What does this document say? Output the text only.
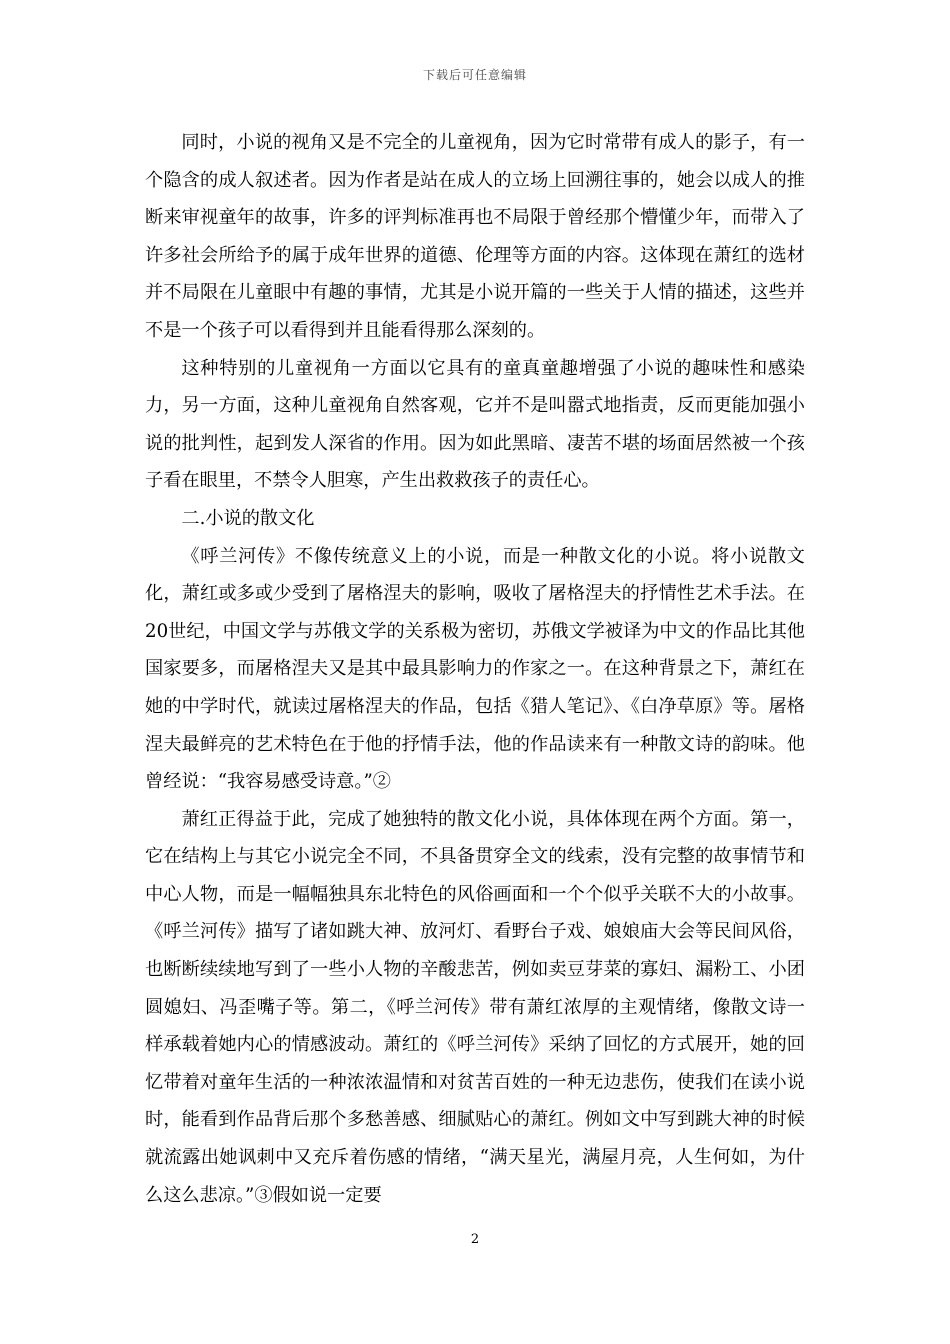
下载后可任意编辑

同时，小说的视角又是不完全的儿童视角，因为它时常带有成人的影子，有一个隐含的成人叙述者。因为作者是站在成人的立场上回溯往事的，她会以成人的推断来审视童年的故事，许多的评判标准再也不局限于曾经那个懵懂少年，而带入了许多社会所给予的属于成年世界的道德、伦理等方面的内容。这体现在萧红的选材并不局限在儿童眼中有趣的事情，尤其是小说开篇的一些关于人情的描述，这些并不是一个孩子可以看得到并且能看得那么深刻的。

这种特别的儿童视角一方面以它具有的童真童趣增强了小说的趣味性和感染力，另一方面，这种儿童视角自然客观，它并不是叫嚣式地指责，反而更能加强小说的批判性，起到发人深省的作用。因为如此黑暗、凄苦不堪的场面居然被一个孩子看在眼里，不禁令人胆寒，产生出救救孩子的责任心。

二.小说的散文化

《呼兰河传》不像传统意义上的小说，而是一种散文化的小说。将小说散文化，萧红或多或少受到了屠格涅夫的影响，吸收了屠格涅夫的抒情性艺术手法。在20世纪，中国文学与苏俄文学的关系极为密切，苏俄文学被译为中文的作品比其他国家要多，而屠格涅夫又是其中最具影响力的作家之一。在这种背景之下，萧红在她的中学时代，就读过屠格涅夫的作品，包括《猎人笔记》、《白净草原》等。屠格涅夫最鲜亮的艺术特色在于他的抒情手法，他的作品读来有一种散文诗的韵味。他曾经说：“我容易感受诗意。”②

萧红正得益于此，完成了她独特的散文化小说，具体体现在两个方面。第一，它在结构上与其它小说完全不同，不具备贯穿全文的线索，没有完整的故事情节和中心人物，而是一幅幅独具东北特色的风俗画面和一个个似乎关联不大的小故事。《呼兰河传》描写了诸如跳大神、放河灯、看野台子戏、娘娘庙大会等民间风俗，也断断续续地写到了一些小人物的辛酸悲苦，例如卖豆芽菜的寡妇、漏粉工、小团圆媳妇、冯歪嘴子等。第二，《呼兰河传》带有萧红浓厚的主观情绪，像散文诗一样承载着她内心的情感波动。萧红的《呼兰河传》采纳了回忆的方式展开，她的回忆带着对童年生活的一种浓浓温情和对贫苦百姓的一种无边悲伤，使我们在读小说时，能看到作品背后那个多愁善感、细腻贴心的萧红。例如文中写到跳大神的时候就流露出她讽刺中又充斥着伤感的情绪，“满天星光，满屋月亮，人生何如，为什么这么悲凉。”③假如说一定要

2
